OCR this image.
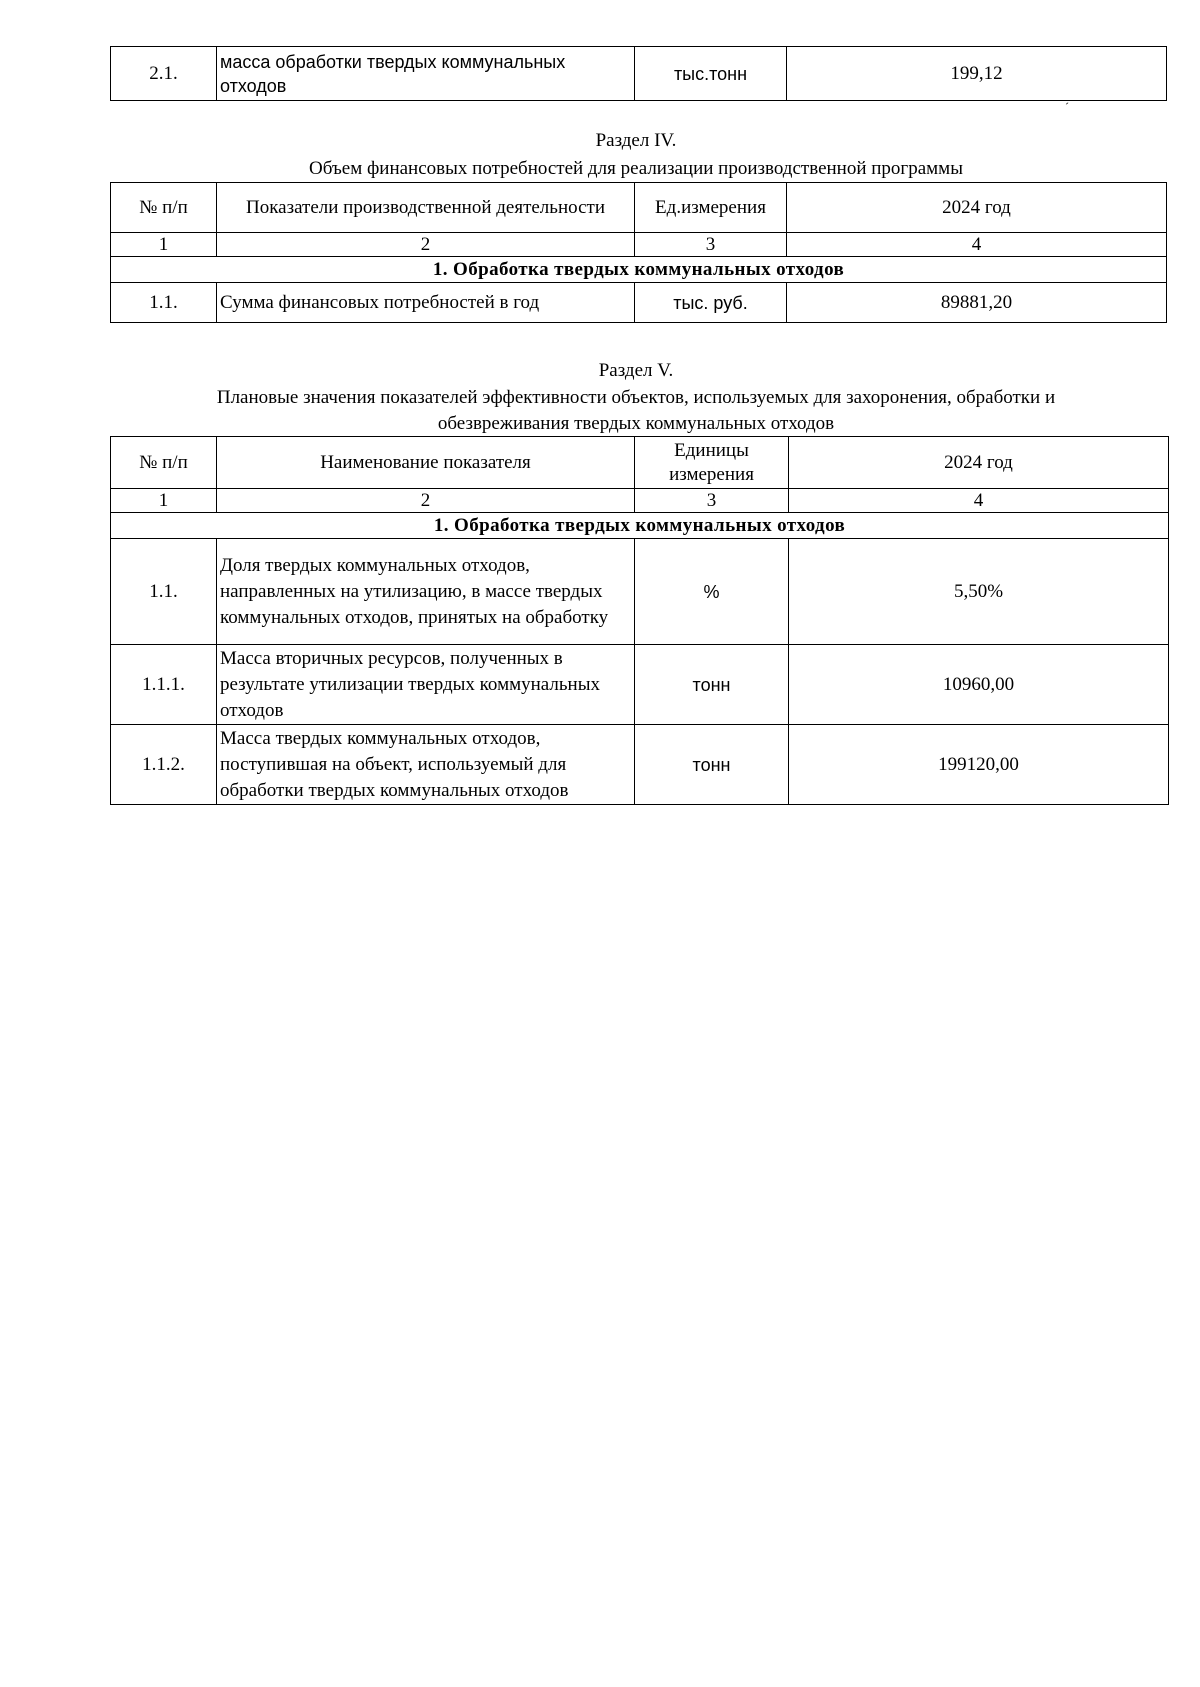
2.1.	масса обработки твердых коммунальных отходов	тыс.тонн	199,12
´
Раздел IV.
Объем финансовых потребностей для реализации производственной программы
№ п/п	Показатели производственной деятельности	Ед.измерения	2024 год
1	2	3	4
1. Обработка твердых коммунальных отходов			
1.1.	Сумма финансовых потребностей в год	тыс. руб.	89881,20
Раздел V.
Плановые значения показателей эффективности объектов, используемых для захоронения, обработки и
обезвреживания твердых коммунальных отходов
№ п/п	Наименование показателя	Единицы измерения	2024 год
1	2	3	4
1. Обработка твердых коммунальных отходов			
1.1.	Доля твердых коммунальных отходов, направленных на утилизацию, в массе твердых коммунальных отходов, принятых на обработку	%	5,50%
1.1.1.	Масса вторичных ресурсов, полученных в результате утилизации твердых коммунальных отходов	тонн	10960,00
1.1.2.	Масса твердых коммунальных отходов, поступившая на объект, используемый для обработки твердых коммунальных отходов	тонн	199120,00
